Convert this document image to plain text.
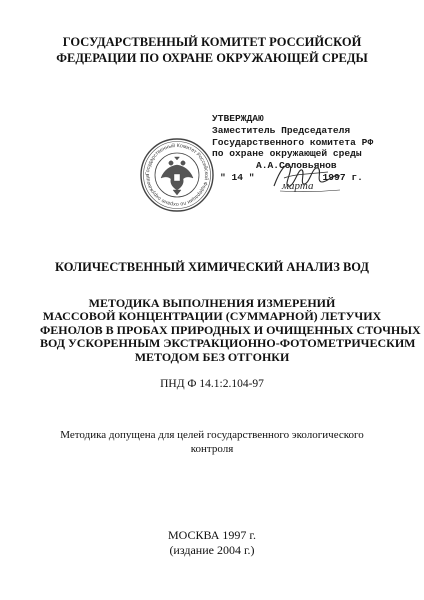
ГОСУДАРСТВЕННЫЙ КОМИТЕТ РОССИЙСКОЙ
ФЕДЕРАЦИИ ПО ОХРАНЕ ОКРУЖАЮЩЕЙ СРЕДЫ
УТВЕРЖДАЮ
Заместитель Председателя
Государственного комитета РФ
по охране окружающей среды
А.А.Соловьянов
" 14 "	1997 г.
Государственный Комитет Российской Федерации по охране окружающе
марта
КОЛИЧЕСТВЕННЫЙ ХИМИЧЕСКИЙ АНАЛИЗ ВОД
МЕТОДИКА ВЫПОЛНЕНИЯ ИЗМЕРЕНИЙ
МАССОВОЙ КОНЦЕНТРАЦИИ (СУММАРНОЙ) ЛЕТУЧИХ
ФЕНОЛОВ В ПРОБАХ ПРИРОДНЫХ И ОЧИЩЕННЫХ СТОЧНЫХ
ВОД УСКОРЕННЫМ ЭКСТРАКЦИОННО-ФОТОМЕТРИЧЕСКИМ
МЕТОДОМ БЕЗ ОТГОНКИ
ПНД Ф 14.1:2.104-97
Методика допущена для целей государственного экологического
контроля
МОСКВА 1997 г.
(издание 2004 г.)
